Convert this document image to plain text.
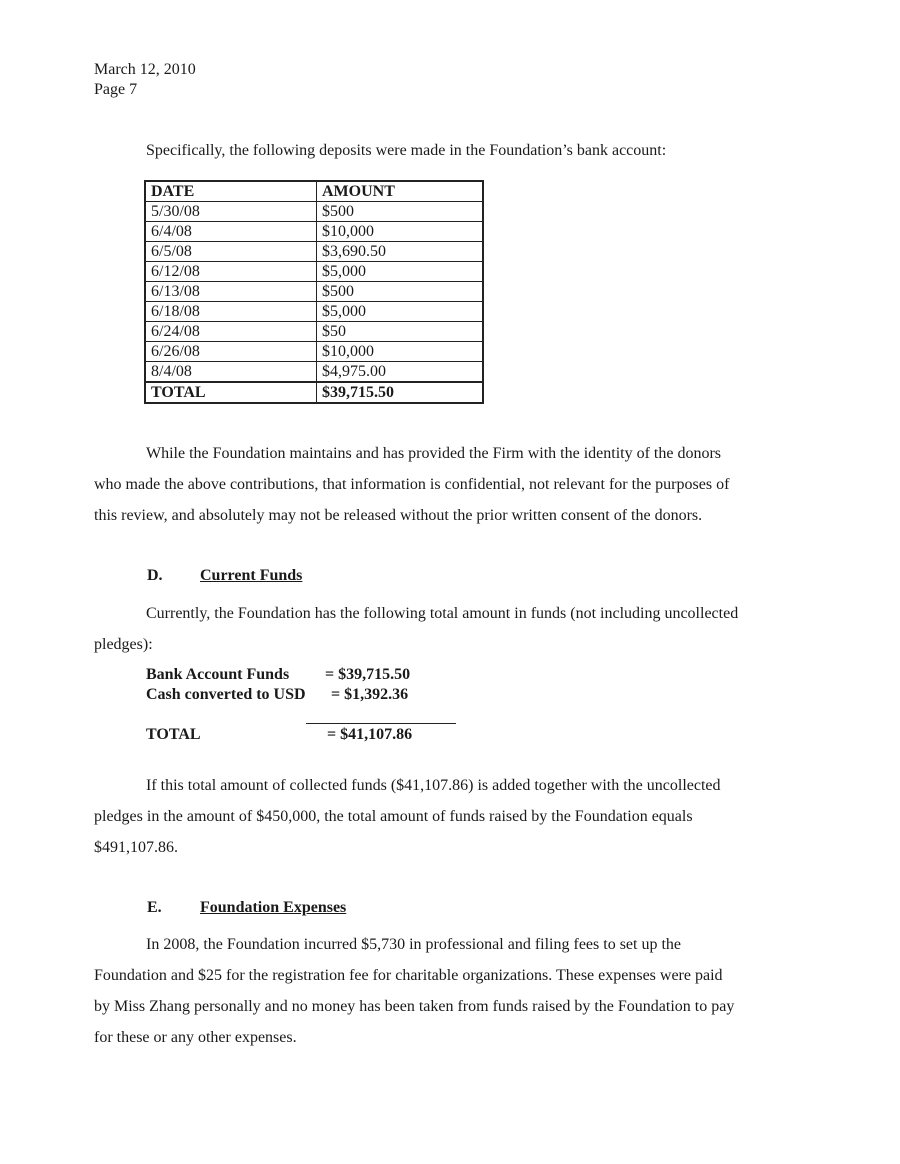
March 12, 2010
Page 7
Specifically, the following deposits were made in the Foundation’s bank account:
DATE	AMOUNT
5/30/08	$500
6/4/08	$10,000
6/5/08	$3,690.50
6/12/08	$5,000
6/13/08	$500
6/18/08	$5,000
6/24/08	$50
6/26/08	$10,000
8/4/08	$4,975.00
TOTAL	$39,715.50
While the Foundation maintains and has provided the Firm with the identity of the donors
who made the above contributions, that information is confidential, not relevant for the purposes of
this review, and absolutely may not be released without the prior written consent of the donors.
D. Current Funds
Currently, the Foundation has the following total amount in funds (not including uncollected
pledges):
Bank Account Funds = $39,715.50
Cash converted to USD = $1,392.36
TOTAL	= $41,107.86
If this total amount of collected funds ($41,107.86) is added together with the uncollected
pledges in the amount of $450,000, the total amount of funds raised by the Foundation equals
$491,107.86.
E. Foundation Expenses
In 2008, the Foundation incurred $5,730 in professional and filing fees to set up the
Foundation and $25 for the registration fee for charitable organizations. These expenses were paid
by Miss Zhang personally and no money has been taken from funds raised by the Foundation to pay
for these or any other expenses.
